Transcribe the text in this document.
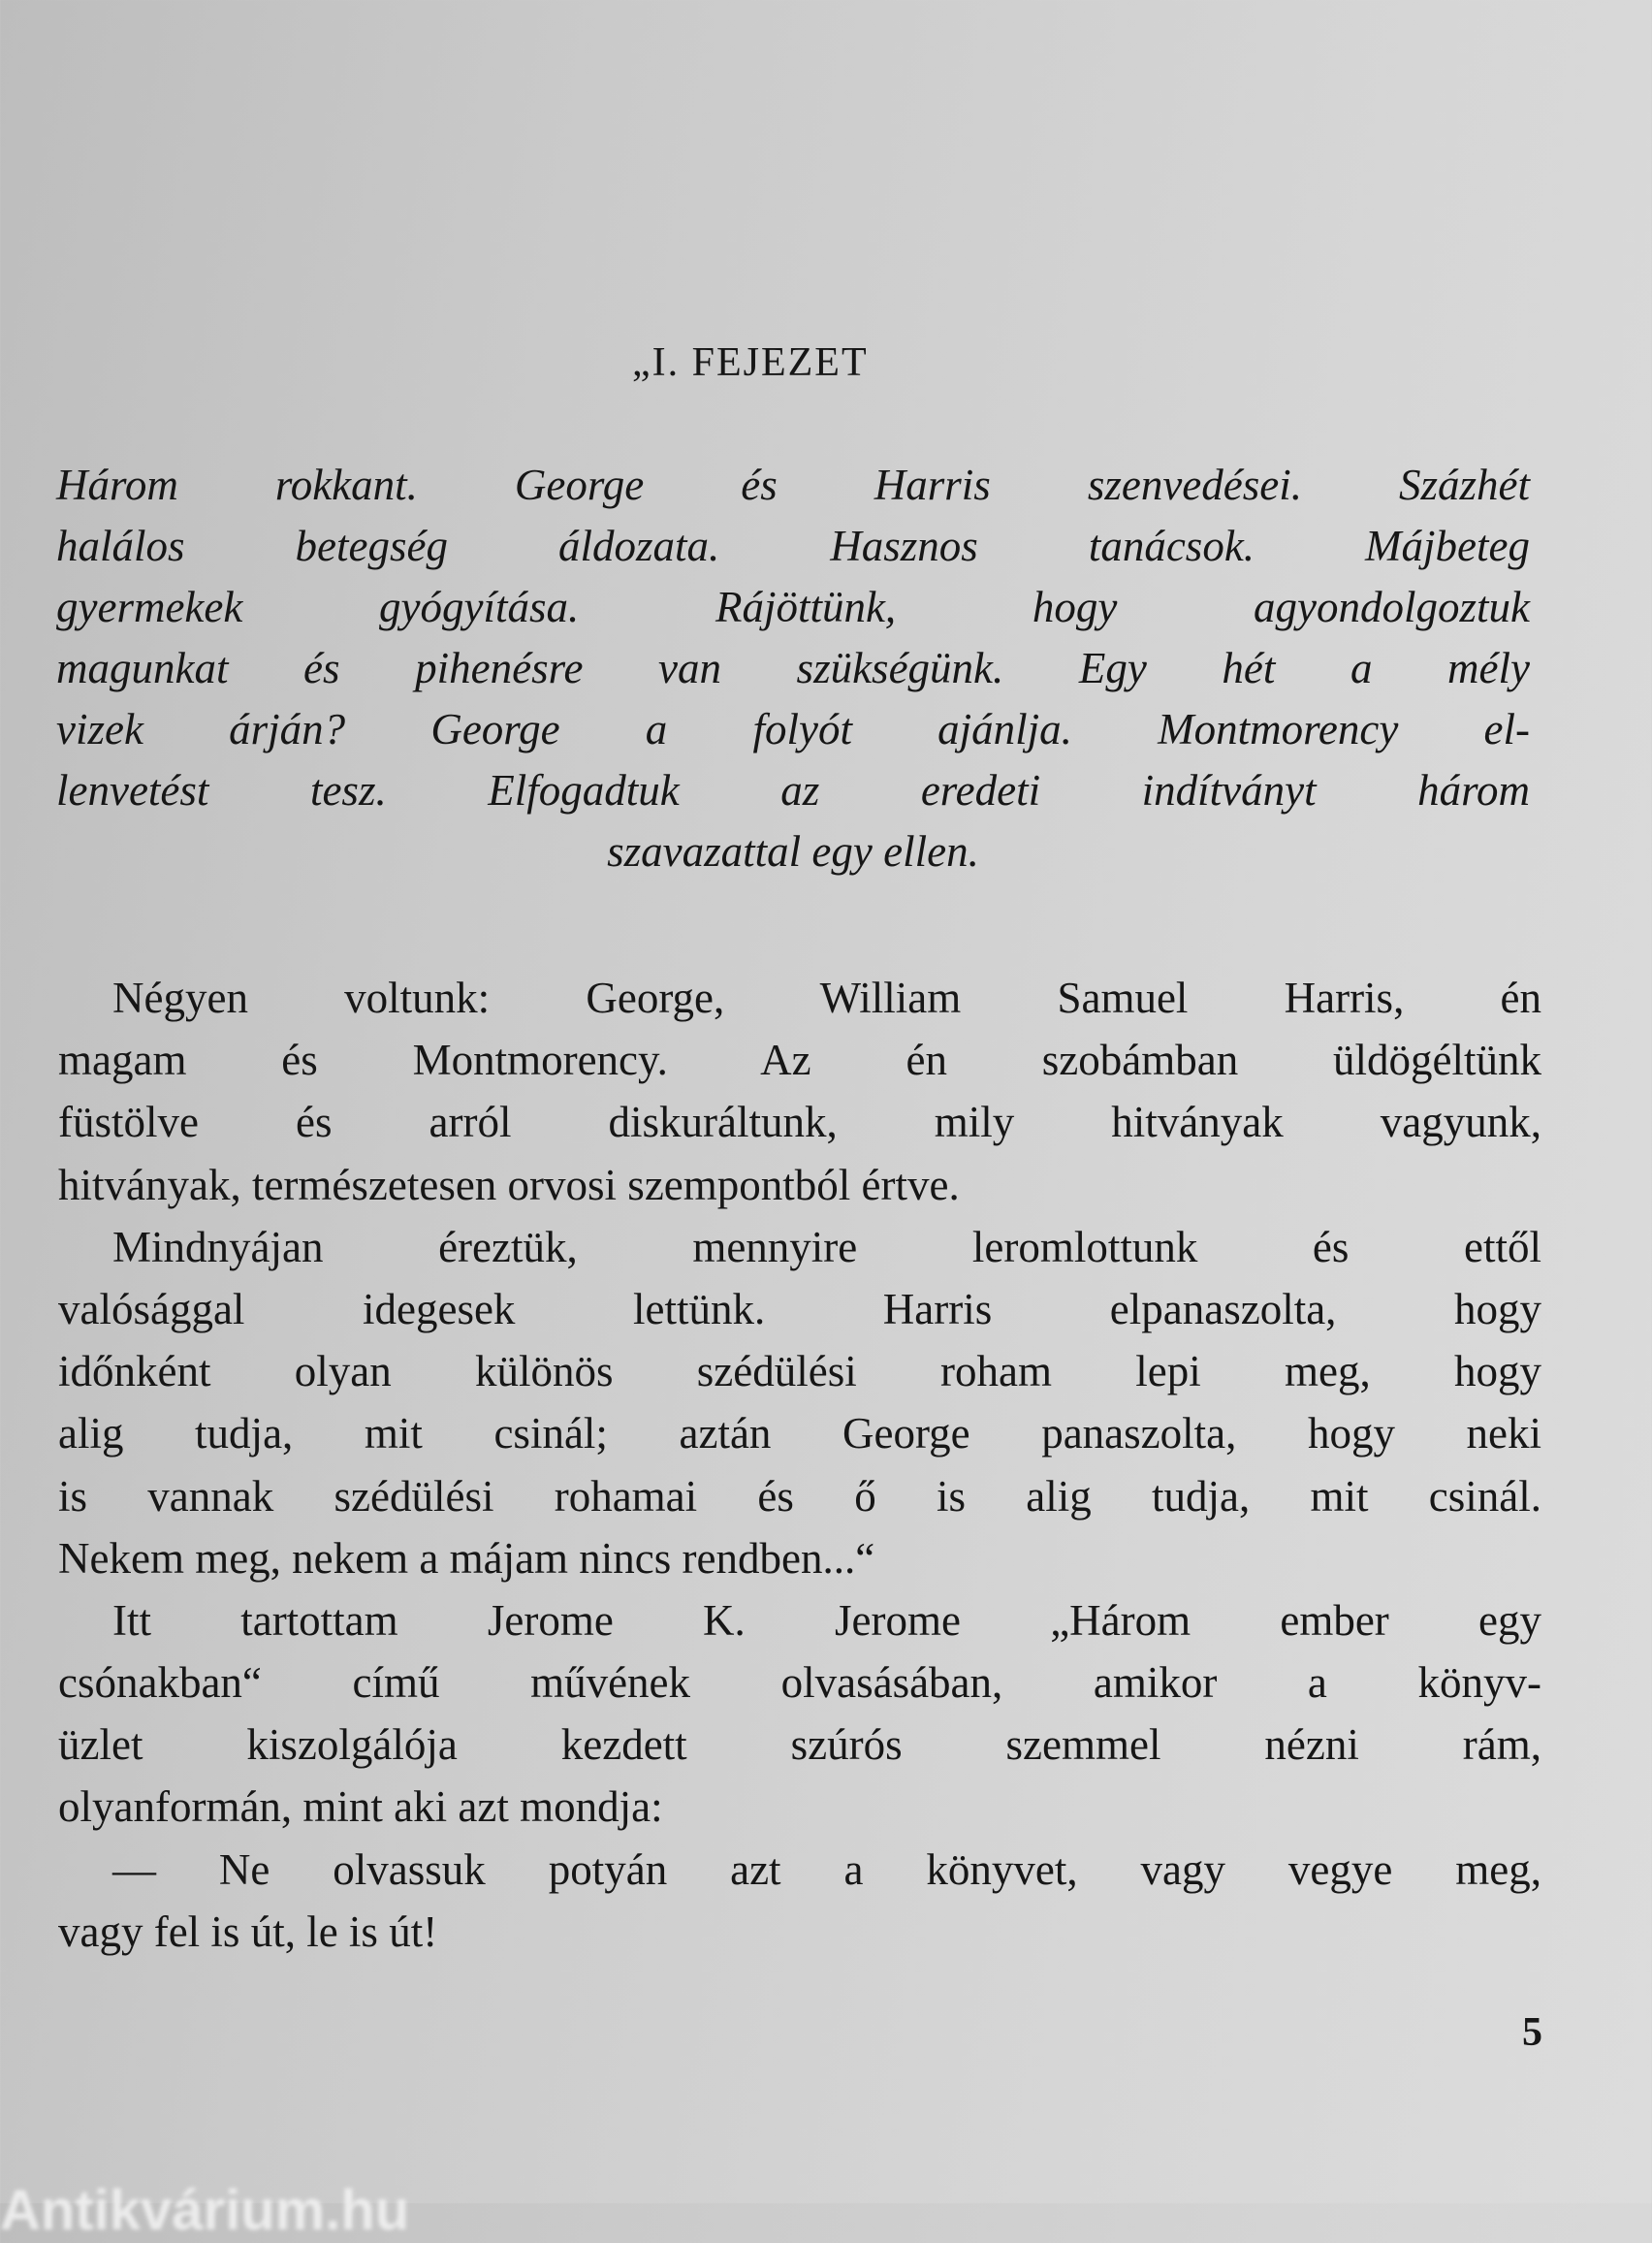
„I. FEJEZET
Három rokkant. George és Harris szenvedései. Százhét
halálos betegség áldozata. Hasznos tanácsok. Májbeteg
gyermekek gyógyítása. Rájöttünk, hogy agyondolgoztuk
magunkat és pihenésre van szükségünk. Egy hét a mély
vizek árján? George a folyót ajánlja. Montmorency el-
lenvetést tesz. Elfogadtuk az eredeti indítványt három
szavazattal egy ellen.
Négyen voltunk: George, William Samuel Harris, én
magam és Montmorency. Az én szobámban üldögéltünk
füstölve és arról diskuráltunk, mily hitványak vagyunk,
hitványak, természetesen orvosi szempontból értve.
Mindnyájan éreztük, mennyire leromlottunk és ettől
valósággal idegesek lettünk. Harris elpanaszolta, hogy
időnként olyan különös szédülési roham lepi meg, hogy
alig tudja, mit csinál; aztán George panaszolta, hogy neki
is vannak szédülési rohamai és ő is alig tudja, mit csinál.
Nekem meg, nekem a májam nincs rendben...“
Itt tartottam Jerome K. Jerome „Három ember egy
csónakban“ című művének olvasásában, amikor a könyv-
üzlet kiszolgálója kezdett szúrós szemmel nézni rám,
olyanformán, mint aki azt mondja:
— Ne olvassuk potyán azt a könyvet, vagy vegye meg,
vagy fel is út, le is út!
5
Antikvárium.hu
